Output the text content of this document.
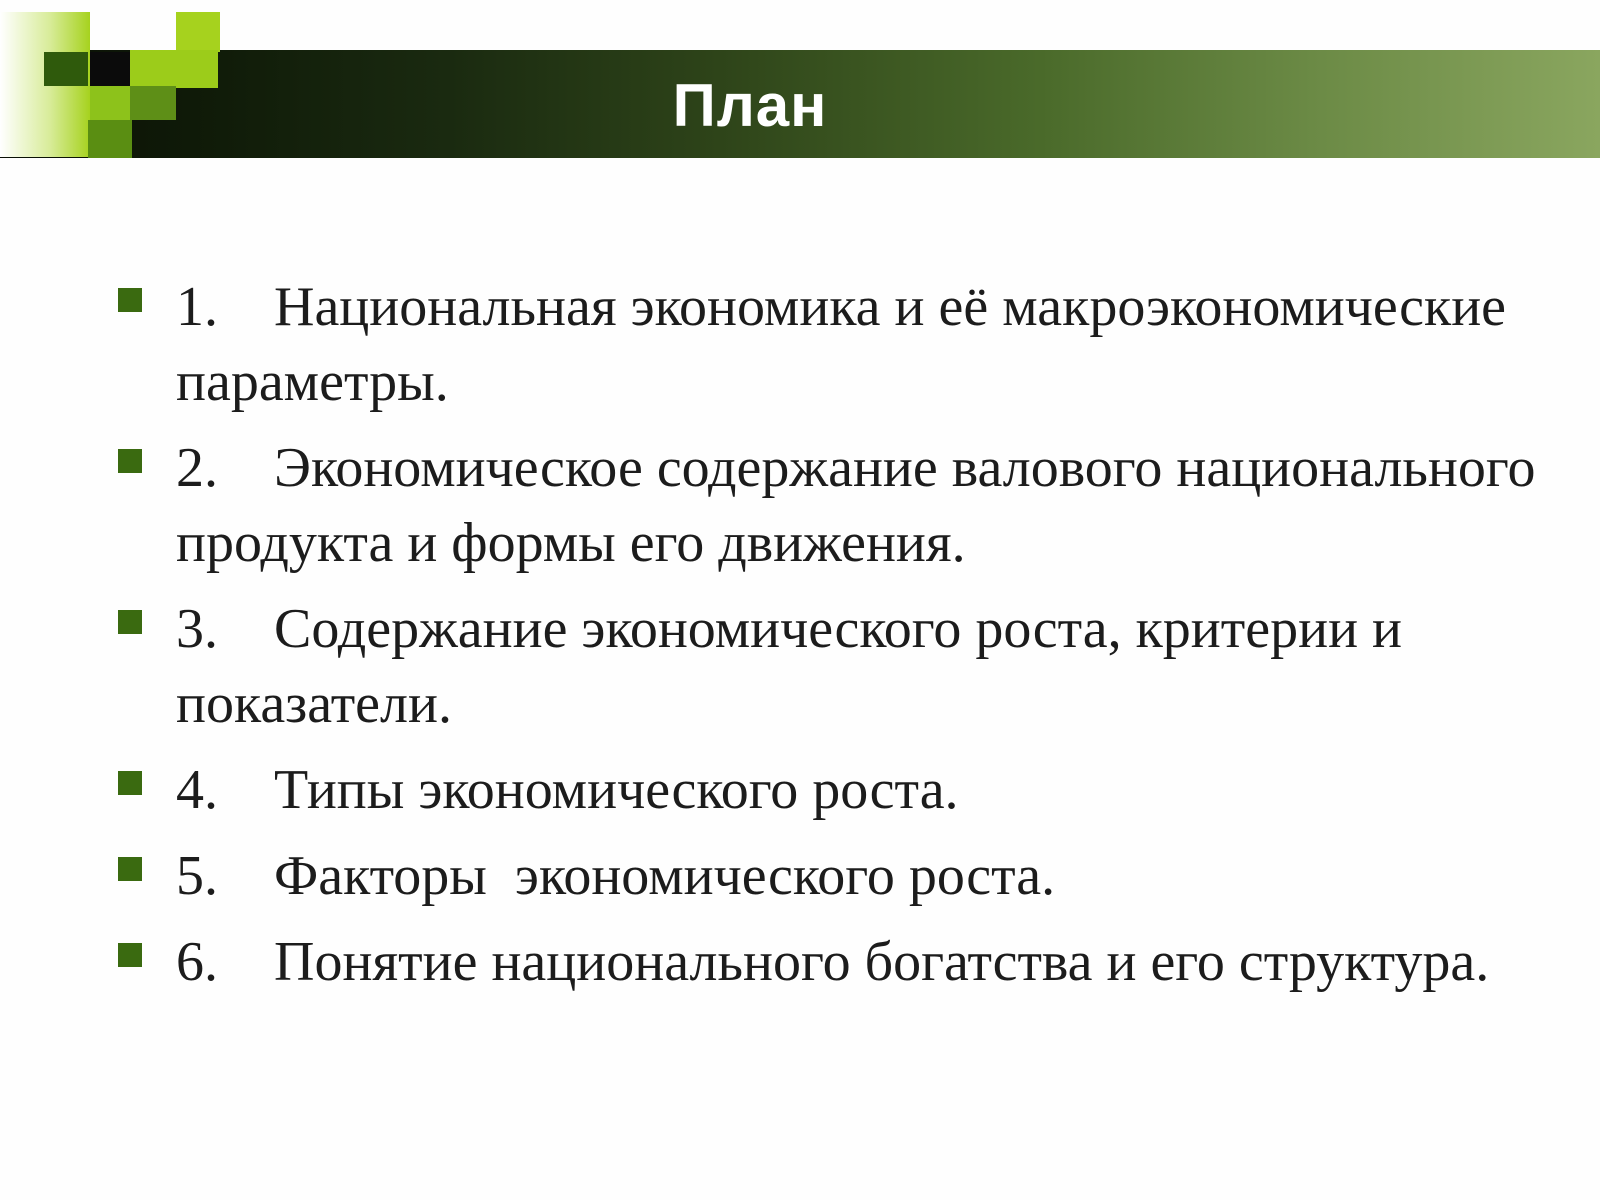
План
1. Национальная экономика и её макроэкономические параметры.
2. Экономическое содержание валового национального продукта и формы его движения.
3. Содержание экономического роста, критерии и показатели.
4. Типы экономического роста.
5. Факторы  экономического роста.
6. Понятие национального богатства и его структура.
